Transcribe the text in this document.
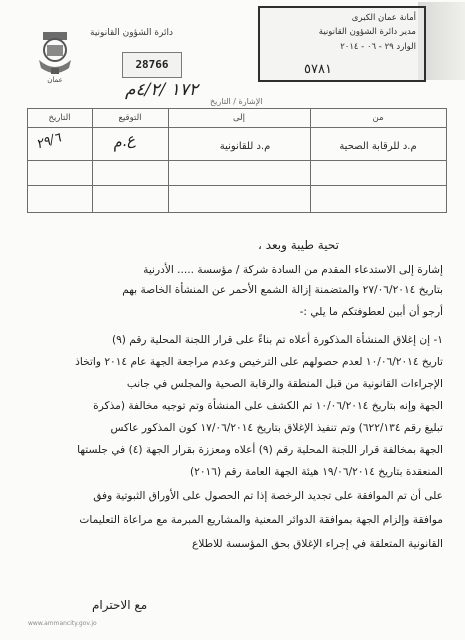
عمان
دائرة الشؤون القانونية
28766
١٧٢ /٤/٢م
الإشارة / التاريخ
أمانة عمان الكبرى
مدير دائرة الشؤون القانونية
الوارد ٢٩ - ٠٦ - ٢٠١٤
٥٧٨١
التاريخ	التوقيع	إلى	من
٢٩/٦	ع.م	م.د للقانونية	م.د للرقابة الصحية
تحية طيبة وبعد ،
إشارة إلى الاستدعاء المقدم من السادة شركة / مؤسسة ..... الأدرنية
بتاريخ ٢٧/٠٦/٢٠١٤ والمتضمنة إزالة الشمع الأحمر عن المنشأة الخاصة بهم
أرجو أن أبين لعطوفتكم ما يلي :-
١- إن إغلاق المنشأة المذكورة أعلاه تم بناءً على قرار اللجنة المحلية رقم (٩)
تاريخ ١٠/٠٦/٢٠١٤ لعدم حصولهم على الترخيص وعدم مراجعة الجهة عام ٢٠١٤ واتخاذ
الإجراءات القانونية من قبل المنطقة والرقابة الصحية والمجلس في جانب
الجهة وإنه بتاريخ ١٠/٠٦/٢٠١٤ تم الكشف على المنشأة وتم توجيه مخالفة (مذكرة
تبليغ رقم ٦٢٢/١٣٤) وتم تنفيذ الإغلاق بتاريخ ١٧/٠٦/٢٠١٤ كون المذكور عاكس
الجهة بمخالفة قرار اللجنة المحلية رقم (٩) أعلاه ومعززة بقرار الجهة (٤) في جلستها
المنعقدة بتاريخ ١٩/٠٦/٢٠١٤ هيئة الجهة العامة رقم (٢٠١٦)
على أن تم الموافقة على تجديد الرخصة إذا تم الحصول على الأوراق الثبوتية وفق
موافقة وإلزام الجهة بموافقة الدوائر المعنية والمشاريع المبرمة مع مراعاة التعليمات
القانونية المتعلقة في إجراء الإغلاق بحق المؤسسة للاطلاع
مع الاحترام
www.ammancity.gov.jo
